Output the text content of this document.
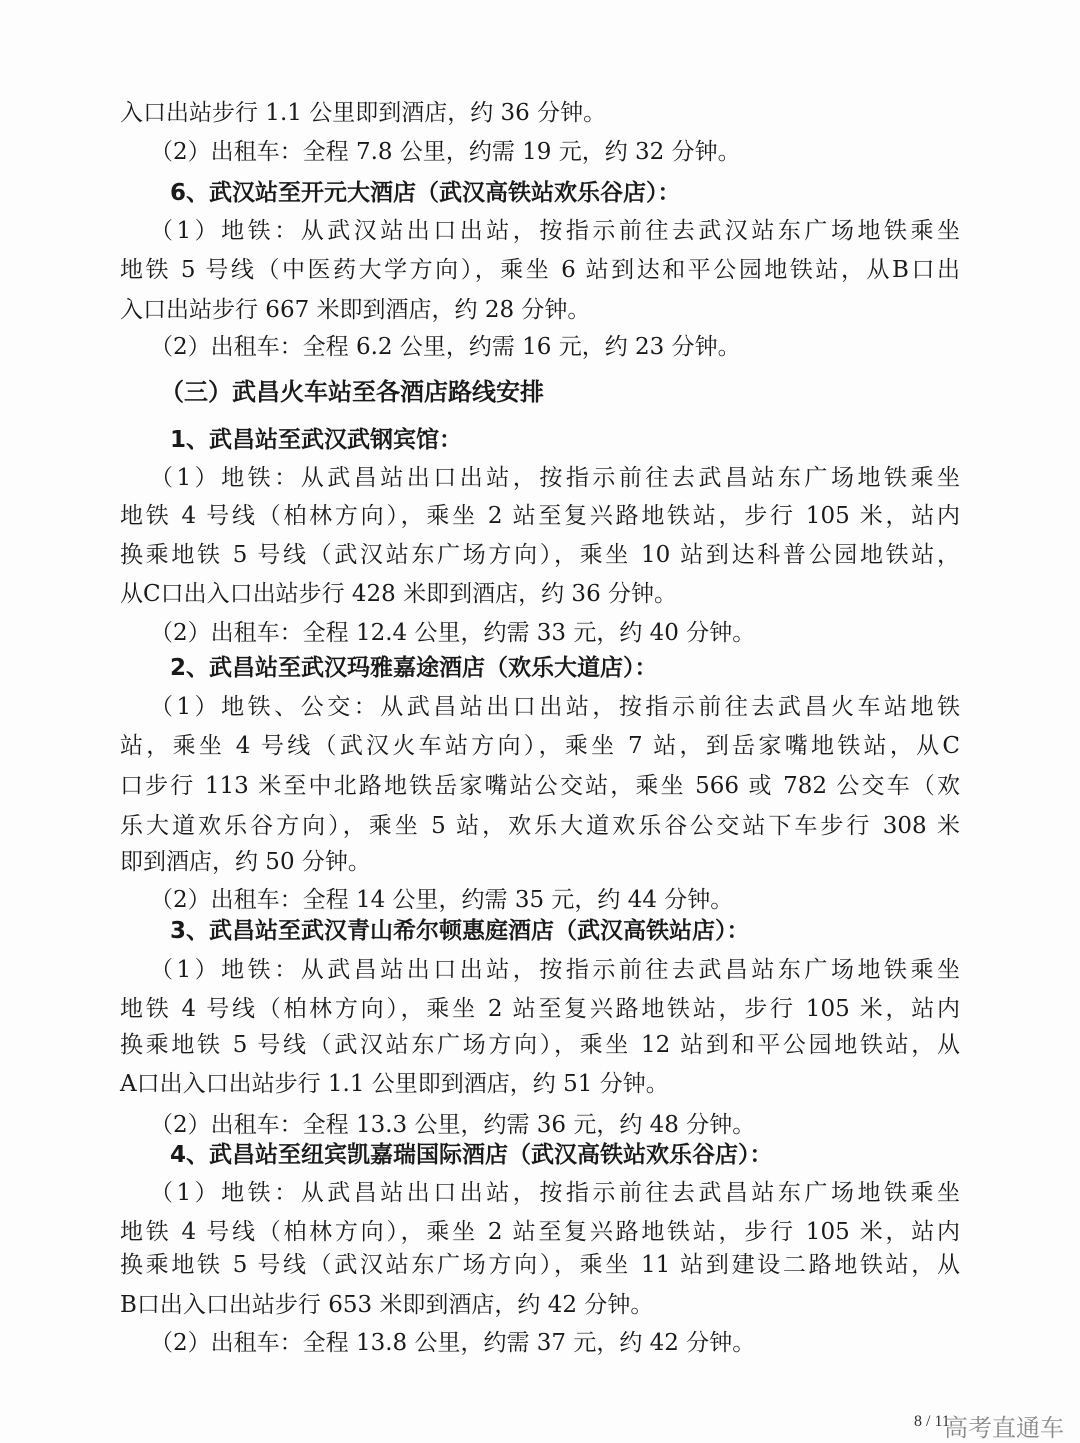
入口出站步行 1.1 公里即到酒店，约 36 分钟。
（2）出租车：全程 7.8 公里，约需 19 元，约 32 分钟。
6、武汉站至开元大酒店（武汉高铁站欢乐谷店）：
（1）地铁：从武汉站出口出站，按指示前往去武汉站东广场地铁乘坐
地铁 5 号线（中医药大学方向），乘坐 6 站到达和平公园地铁站，从B口出
入口出站步行 667 米即到酒店，约 28 分钟。
（2）出租车：全程 6.2 公里，约需 16 元，约 23 分钟。
（三）武昌火车站至各酒店路线安排
1、武昌站至武汉武钢宾馆：
（1）地铁：从武昌站出口出站，按指示前往去武昌站东广场地铁乘坐
地铁 4 号线（柏林方向），乘坐 2 站至复兴路地铁站，步行 105 米，站内
换乘地铁 5 号线（武汉站东广场方向），乘坐 10 站到达科普公园地铁站，
从C口出入口出站步行 428 米即到酒店，约 36 分钟。
（2）出租车：全程 12.4 公里，约需 33 元，约 40 分钟。
2、武昌站至武汉玛雅嘉途酒店（欢乐大道店）：
（1）地铁、公交：从武昌站出口出站，按指示前往去武昌火车站地铁
站，乘坐 4 号线（武汉火车站方向），乘坐 7 站，到岳家嘴地铁站，从C
口步行 113 米至中北路地铁岳家嘴站公交站，乘坐 566 或 782 公交车（欢
乐大道欢乐谷方向），乘坐 5 站，欢乐大道欢乐谷公交站下车步行 308 米
即到酒店，约 50 分钟。
（2）出租车：全程 14 公里，约需 35 元，约 44 分钟。
3、武昌站至武汉青山希尔顿惠庭酒店（武汉高铁站店）：
（1）地铁：从武昌站出口出站，按指示前往去武昌站东广场地铁乘坐
地铁 4 号线（柏林方向），乘坐 2 站至复兴路地铁站，步行 105 米，站内
换乘地铁 5 号线（武汉站东广场方向），乘坐 12 站到和平公园地铁站，从
A口出入口出站步行 1.1 公里即到酒店，约 51 分钟。
（2）出租车：全程 13.3 公里，约需 36 元，约 48 分钟。
4、武昌站至纽宾凯嘉瑞国际酒店（武汉高铁站欢乐谷店）：
（1）地铁：从武昌站出口出站，按指示前往去武昌站东广场地铁乘坐
地铁 4 号线（柏林方向），乘坐 2 站至复兴路地铁站，步行 105 米，站内
换乘地铁 5 号线（武汉站东广场方向），乘坐 11 站到建设二路地铁站，从
B口出入口出站步行 653 米即到酒店，约 42 分钟。
（2）出租车：全程 13.8 公里，约需 37 元，约 42 分钟。
8 / 11
高考直通车
